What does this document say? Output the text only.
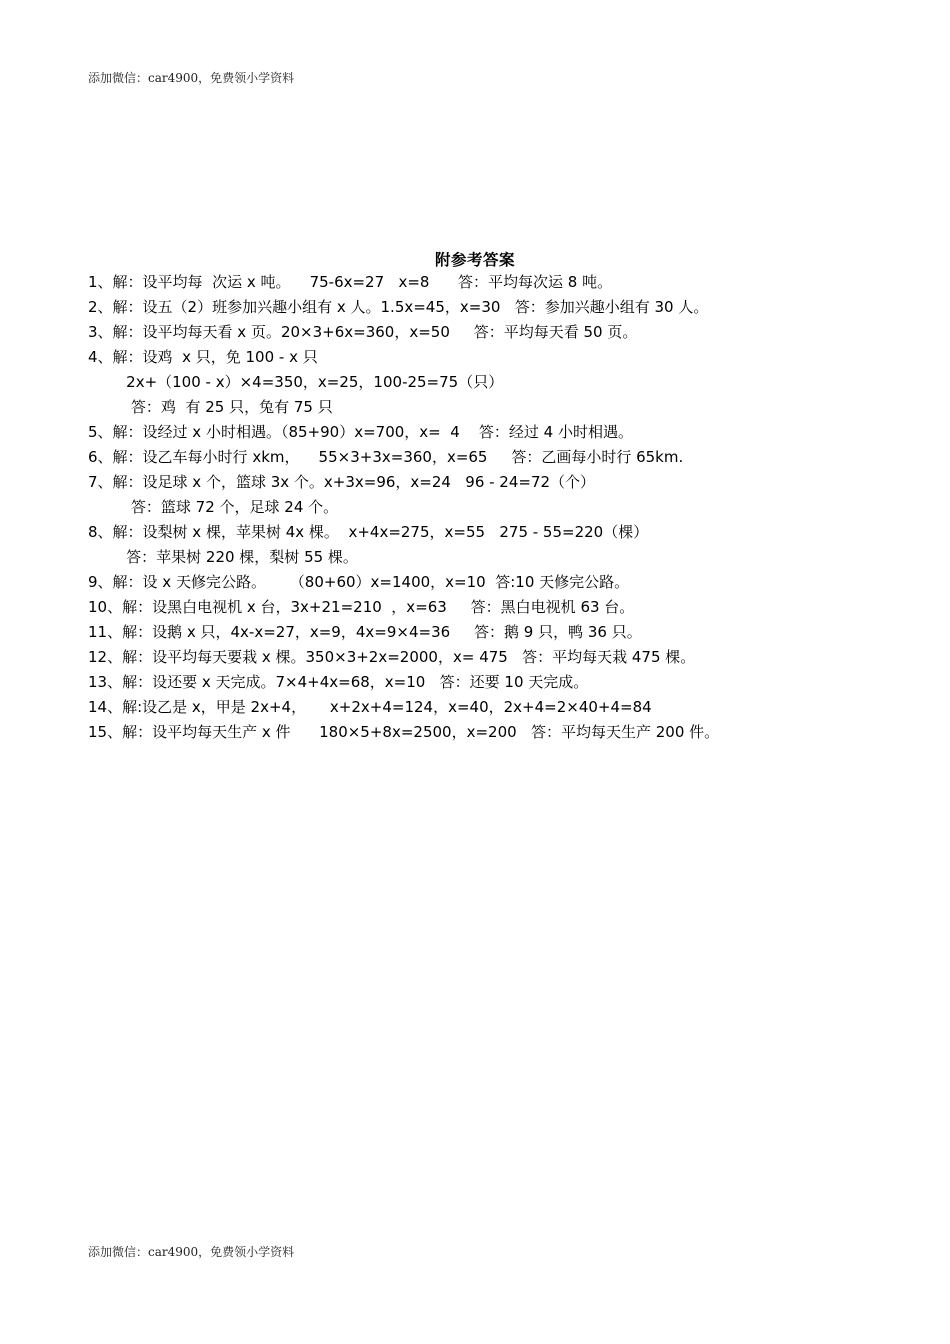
添加微信：car4900，免费领小学资料
附参考答案
1、解：设平均每  次运 x 吨。    75-6x=27   x=8      答：平均每次运 8 吨。
2、解：设五（2）班参加兴趣小组有 x 人。1.5x=45，x=30   答：参加兴趣小组有 30 人。
3、解：设平均每天看 x 页。20×3+6x=360，x=50     答：平均每天看 50 页。
4、解：设鸡  x 只，免 100 - x 只
2x+（100 - x）×4=350，x=25，100-25=75（只）
答：鸡  有 25 只，兔有 75 只
5、解：设经过 x 小时相遇。（85+90）x=700，x=  4    答：经过 4 小时相遇。
6、解：设乙车每小时行 xkm，    55×3+3x=360，x=65     答：乙画每小时行 65km.
7、解：设足球 x 个，篮球 3x 个。x+3x=96，x=24   96 - 24=72（个）
答：篮球 72 个，足球 24 个。
8、解：设梨树 x 棵，苹果树 4x 棵。  x+4x=275，x=55   275 - 55=220（棵）
答：苹果树 220 棵，梨树 55 棵。
9、解：设 x 天修完公路。     （80+60）x=1400，x=10  答:10 天修完公路。
10、解：设黑白电视机 x 台，3x+21=210  ，x=63     答：黑白电视机 63 台。
11、解：设鹅 x 只，4x-x=27，x=9，4x=9×4=36     答：鹅 9 只，鸭 36 只。
12、解：设平均每天要栽 x 棵。350×3+2x=2000，x= 475   答：平均每天栽 475 棵。
13、解：设还要 x 天完成。7×4+4x=68，x=10   答：还要 10 天完成。
14、解:设乙是 x，甲是 2x+4，     x+2x+4=124，x=40，2x+4=2×40+4=84
15、解：设平均每天生产 x 件      180×5+8x=2500，x=200   答：平均每天生产 200 件。
添加微信：car4900，免费领小学资料
